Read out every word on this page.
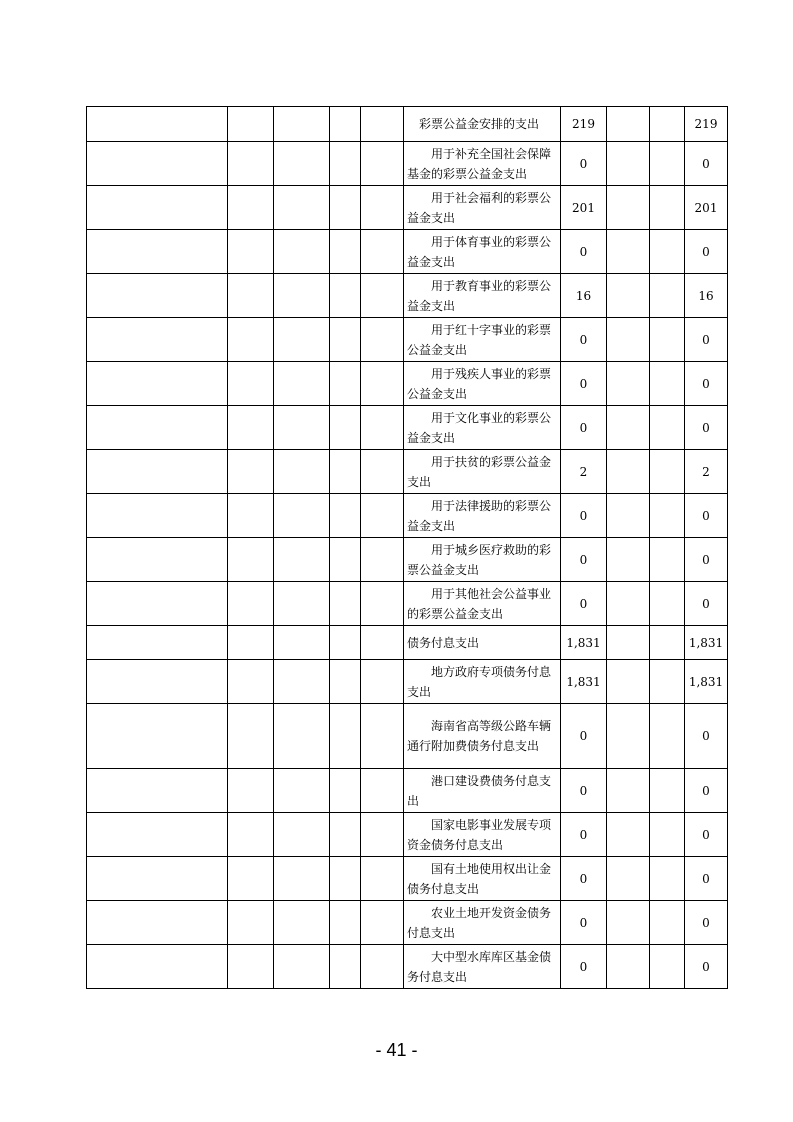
					彩票公益金安排的支出	219			219

					用于补充全国社会保障基金的彩票公益金支出	0			0

					用于社会福利的彩票公益金支出	201			201

					用于体育事业的彩票公益金支出	0			0

					用于教育事业的彩票公益金支出	16			16

					用于红十字事业的彩票公益金支出	0			0

					用于残疾人事业的彩票公益金支出	0			0

					用于文化事业的彩票公益金支出	0			0

					用于扶贫的彩票公益金支出	2			2

					用于法律援助的彩票公益金支出	0			0

					用于城乡医疗救助的彩票公益金支出	0			0

					用于其他社会公益事业的彩票公益金支出	0			0

					债务付息支出	1,831			1,831

					地方政府专项债务付息支出	1,831			1,831

					海南省高等级公路车辆通行附加费债务付息支出	0			0

					港口建设费债务付息支出	0			0

					国家电影事业发展专项资金债务付息支出	0			0

					国有土地使用权出让金债务付息支出	0			0

					农业土地开发资金债务付息支出	0			0

					大中型水库库区基金债务付息支出	0			0
- 41 -
